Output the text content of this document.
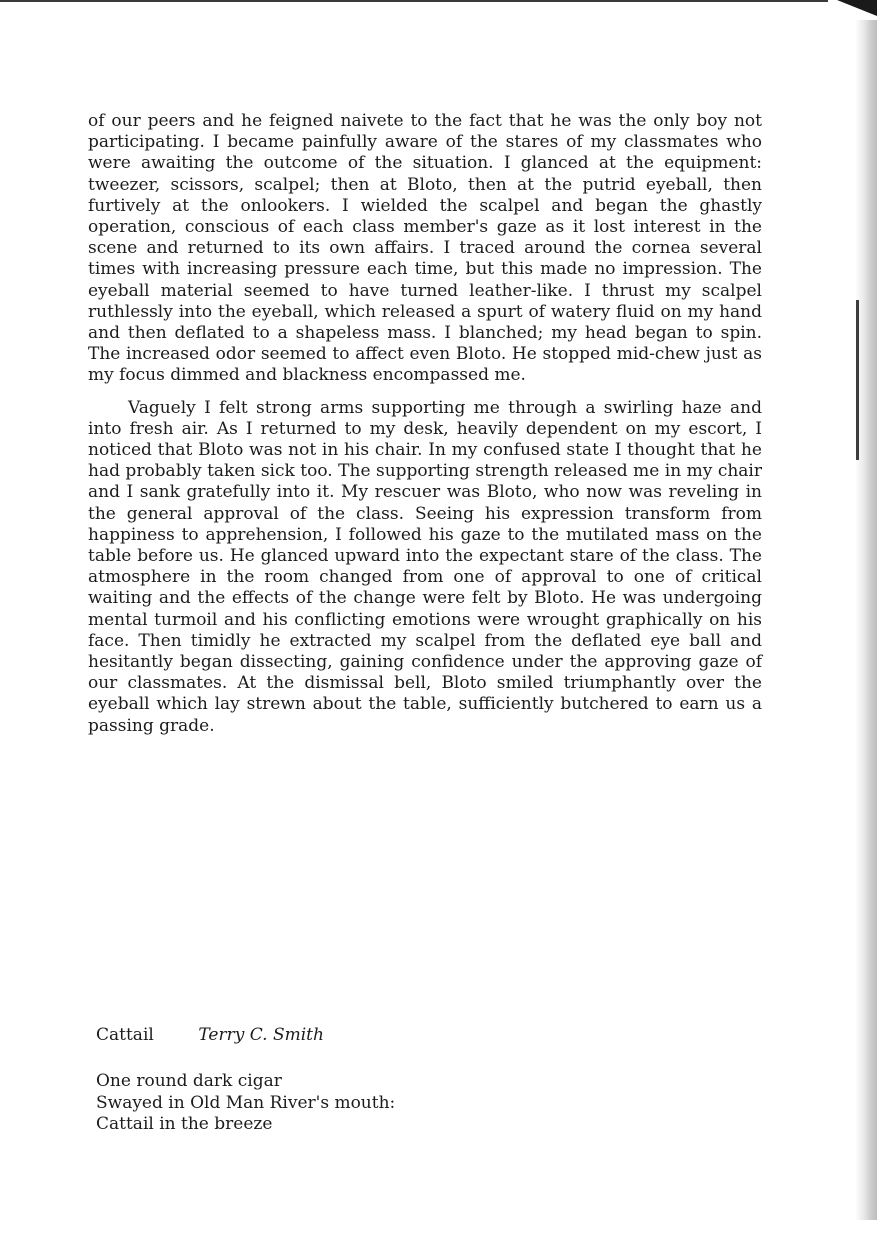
of our peers and he feigned naivete to the fact that he was the only boy not participating. I became painfully aware of the stares of my classmates who were awaiting the outcome of the situation. I glanced at the equipment: tweezer, scissors, scalpel; then at Bloto, then at the putrid eyeball, then furtively at the onlookers. I wielded the scalpel and began the ghastly operation, conscious of each class member's gaze as it lost interest in the scene and returned to its own affairs. I traced around the cornea several times with increasing pressure each time, but this made no impression. The eyeball material seemed to have turned leather-like. I thrust my scalpel ruthlessly into the eyeball, which released a spurt of watery fluid on my hand and then deflated to a shapeless mass. I blanched; my head began to spin. The increased odor seemed to affect even Bloto. He stopped mid-chew just as my focus dimmed and blackness encompassed me.

Vaguely I felt strong arms supporting me through a swirling haze and into fresh air. As I returned to my desk, heavily dependent on my escort, I noticed that Bloto was not in his chair. In my confused state I thought that he had probably taken sick too. The supporting strength released me in my chair and I sank gratefully into it. My rescuer was Bloto, who now was reveling in the general approval of the class. Seeing his expression transform from happiness to apprehension, I followed his gaze to the mutilated mass on the table before us. He glanced upward into the expectant stare of the class. The atmosphere in the room changed from one of approval to one of critical waiting and the effects of the change were felt by Bloto. He was undergoing mental turmoil and his conflicting emotions were wrought graphically on his face. Then timidly he extracted my scalpel from the deflated eye ball and hesitantly began dissecting, gaining confidence under the approving gaze of our classmates. At the dismissal bell, Bloto smiled triumphantly over the eyeball which lay strewn about the table, sufficiently butchered to earn us a passing grade.

Cattail	Terry C. Smith
One round dark cigar
Swayed in Old Man River's mouth:
Cattail in the breeze
